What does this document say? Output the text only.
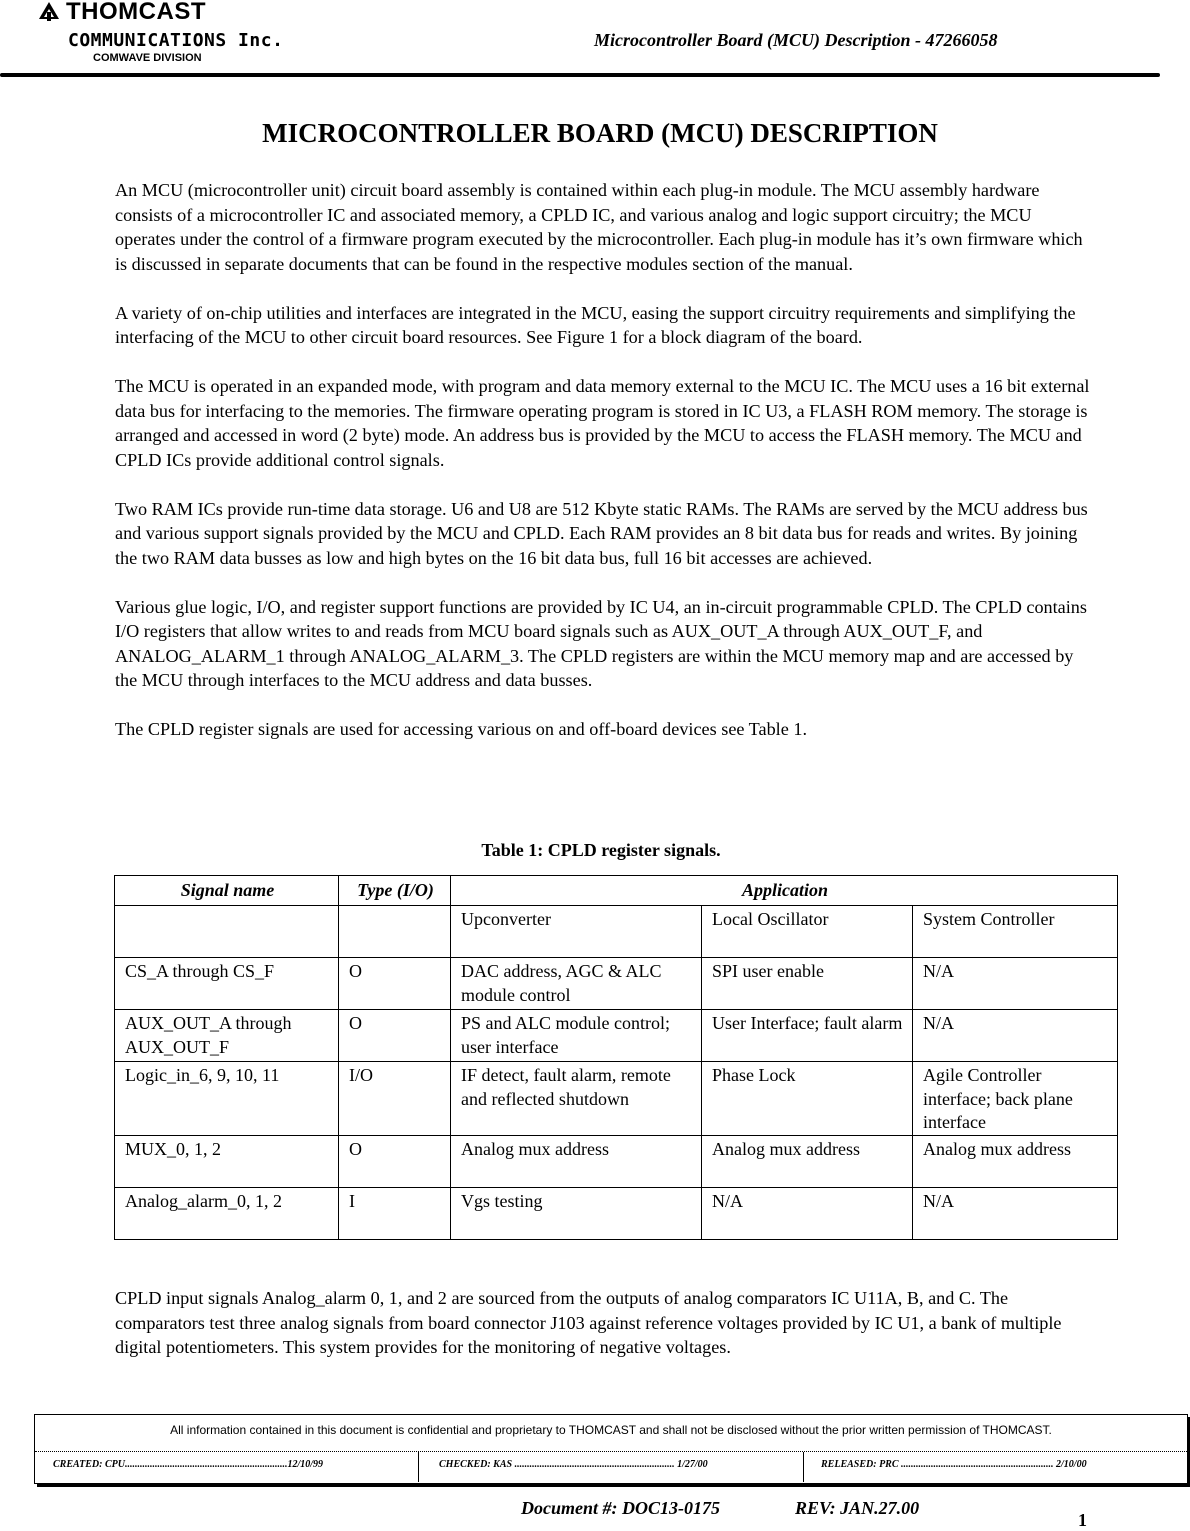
THOMCAST
COMMUNICATIONS Inc.
COMWAVE DIVISION
Microcontroller Board (MCU) Description - 47266058
MICROCONTROLLER BOARD (MCU) DESCRIPTION

An MCU (microcontroller unit) circuit board assembly is contained within each plug-in module. The MCU assembly hardware consists of a microcontroller IC and associated memory, a CPLD IC, and various analog and logic support circuitry; the MCU operates under the control of a firmware program executed by the microcontroller. Each plug-in module has it’s own firmware which is discussed in separate documents that can be found in the respective modules section of the manual.

A variety of on-chip utilities and interfaces are integrated in the MCU, easing the support circuitry requirements and simplifying the interfacing of the MCU to other circuit board resources. See Figure 1 for a block diagram of the board.

The MCU is operated in an expanded mode, with program and data memory external to the MCU IC. The MCU uses a 16 bit external data bus for interfacing to the memories. The firmware operating program is stored in IC U3, a FLASH ROM memory. The storage is arranged and accessed in word (2 byte) mode. An address bus is provided by the MCU to access the FLASH memory. The MCU and CPLD ICs provide additional control signals.

Two RAM ICs provide run-time data storage. U6 and U8 are 512 Kbyte static RAMs. The RAMs are served by the MCU address bus and various support signals provided by the MCU and CPLD. Each RAM provides an 8 bit data bus for reads and writes. By joining the two RAM data busses as low and high bytes on the 16 bit data bus, full 16 bit accesses are achieved.

Various glue logic, I/O, and register support functions are provided by IC U4, an in-circuit programmable CPLD. The CPLD contains I/O registers that allow writes to and reads from MCU board signals such as AUX_OUT_A through AUX_OUT_F, and ANALOG_ALARM_1 through ANALOG_ALARM_3. The CPLD registers are within the MCU memory map and are accessed by the MCU through interfaces to the MCU address and data busses.

The CPLD register signals are used for accessing various on and off-board devices see Table 1.

Table 1: CPLD register signals.
Signal name	Type (I/O)	Application		
		Upconverter	Local Oscillator	System Controller
CS_A through CS_F	O	DAC address, AGC & ALC module control	SPI user enable	N/A
AUX_OUT_A through AUX_OUT_F	O	PS and ALC module control; user interface	User Interface; fault alarm	N/A
Logic_in_6, 9, 10, 11	I/O	IF detect, fault alarm, remote and reflected shutdown	Phase Lock	Agile Controller interface; back plane interface
MUX_0, 1, 2	O	Analog mux address	Analog mux address	Analog mux address
Analog_alarm_0, 1, 2	I	Vgs testing	N/A	N/A
CPLD input signals Analog_alarm 0, 1, and 2 are sourced from the outputs of analog comparators IC U11A, B, and C. The comparators test three analog signals from board connector J103 against reference voltages provided by IC U1, a bank of multiple digital potentiometers. This system provides for the monitoring of negative voltages.
All information contained in this document is confidential and proprietary to THOMCAST and shall not be disclosed without the prior written permission of THOMCAST.
CREATED: CPU.................................................................12/10/99	CHECKED: KAS ................................................................ 1/27/00	RELEASED: PRC ............................................................. 2/10/00
Document #: DOC13-0175	REV: JAN.27.00
1
